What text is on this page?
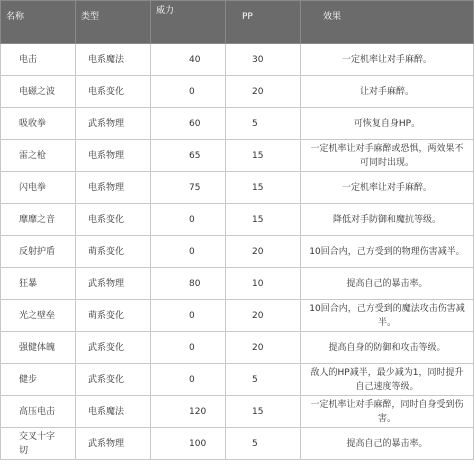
名称	类型	威力	PP	效果
电击	电系魔法	40	30	一定机率让对手麻醉。
电磁之波	电系变化	0	20	让对手麻醉。
吸收拳	武系物理	60	5	可恢复自身HP。
雷之枪	电系物理	65	15	一定机率让对手麻醉或恐惧，两效果不可同时出现。
闪电拳	电系物理	75	15	一定机率让对手麻醉。
靡靡之音	电系变化	0	15	降低对手防御和魔抗等级。
反射护盾	萌系变化	0	20	10回合内，己方受到的物理伤害减半。
狂暴	武系物理	80	10	提高自己的暴击率。
光之壁垒	萌系变化	0	20	10回合内，己方受到的魔法攻击伤害减半。
强健体魄	武系变化	0	20	提高自身的防御和攻击等级。
健步	武系变化	0	5	敌人的HP减半，最少减为1，同时提升自己速度等级。
高压电击	电系魔法	120	15	一定机率让对手麻醉，同时自身受到伤害。
交叉十字切	武系物理	100	5	提高自己的暴击率。
